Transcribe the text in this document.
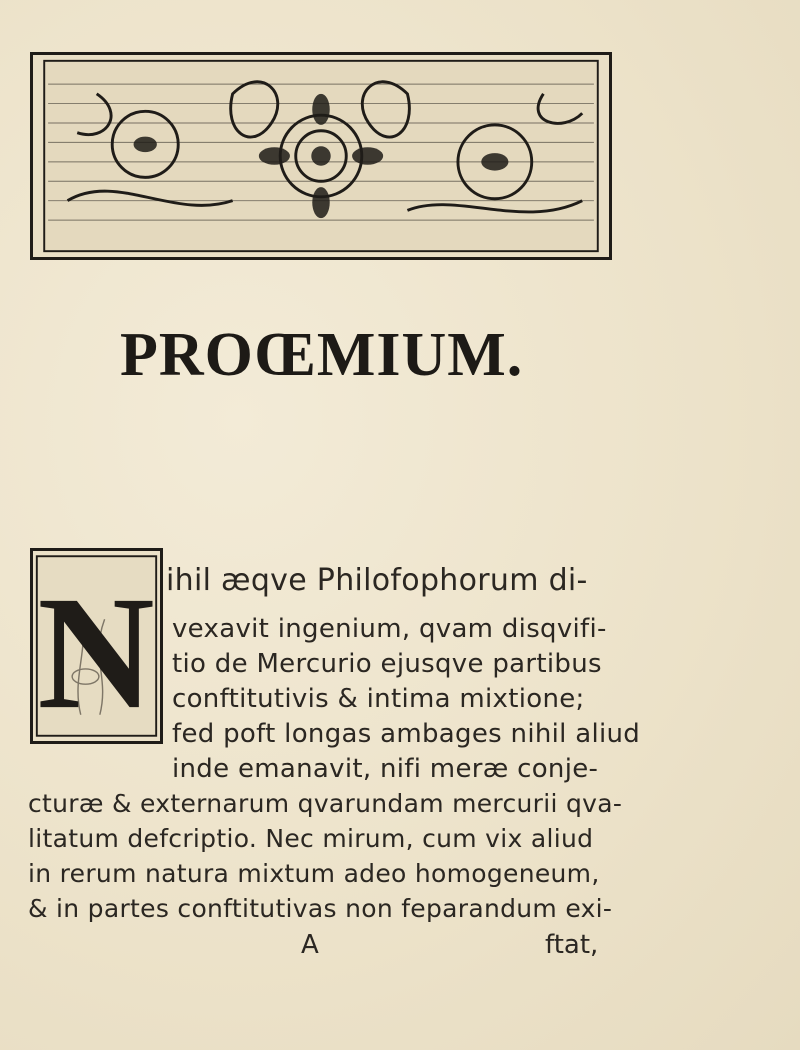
PROŒMIUM.
N ihil æqve Philofophorum di-
vexavit ingenium, qvam disqvifi-
tio de Mercurio ejusqve partibus
conftitutivis & intima mixtione;
fed poft longas ambages nihil aliud
inde emanavit, nifi meræ conje-
cturæ & externarum qvarundam mercurii qva-
litatum defcriptio. Nec mirum, cum vix aliud
in rerum natura mixtum adeo homogeneum,
& in partes conftitutivas non feparandum exi-
A	ftat,
